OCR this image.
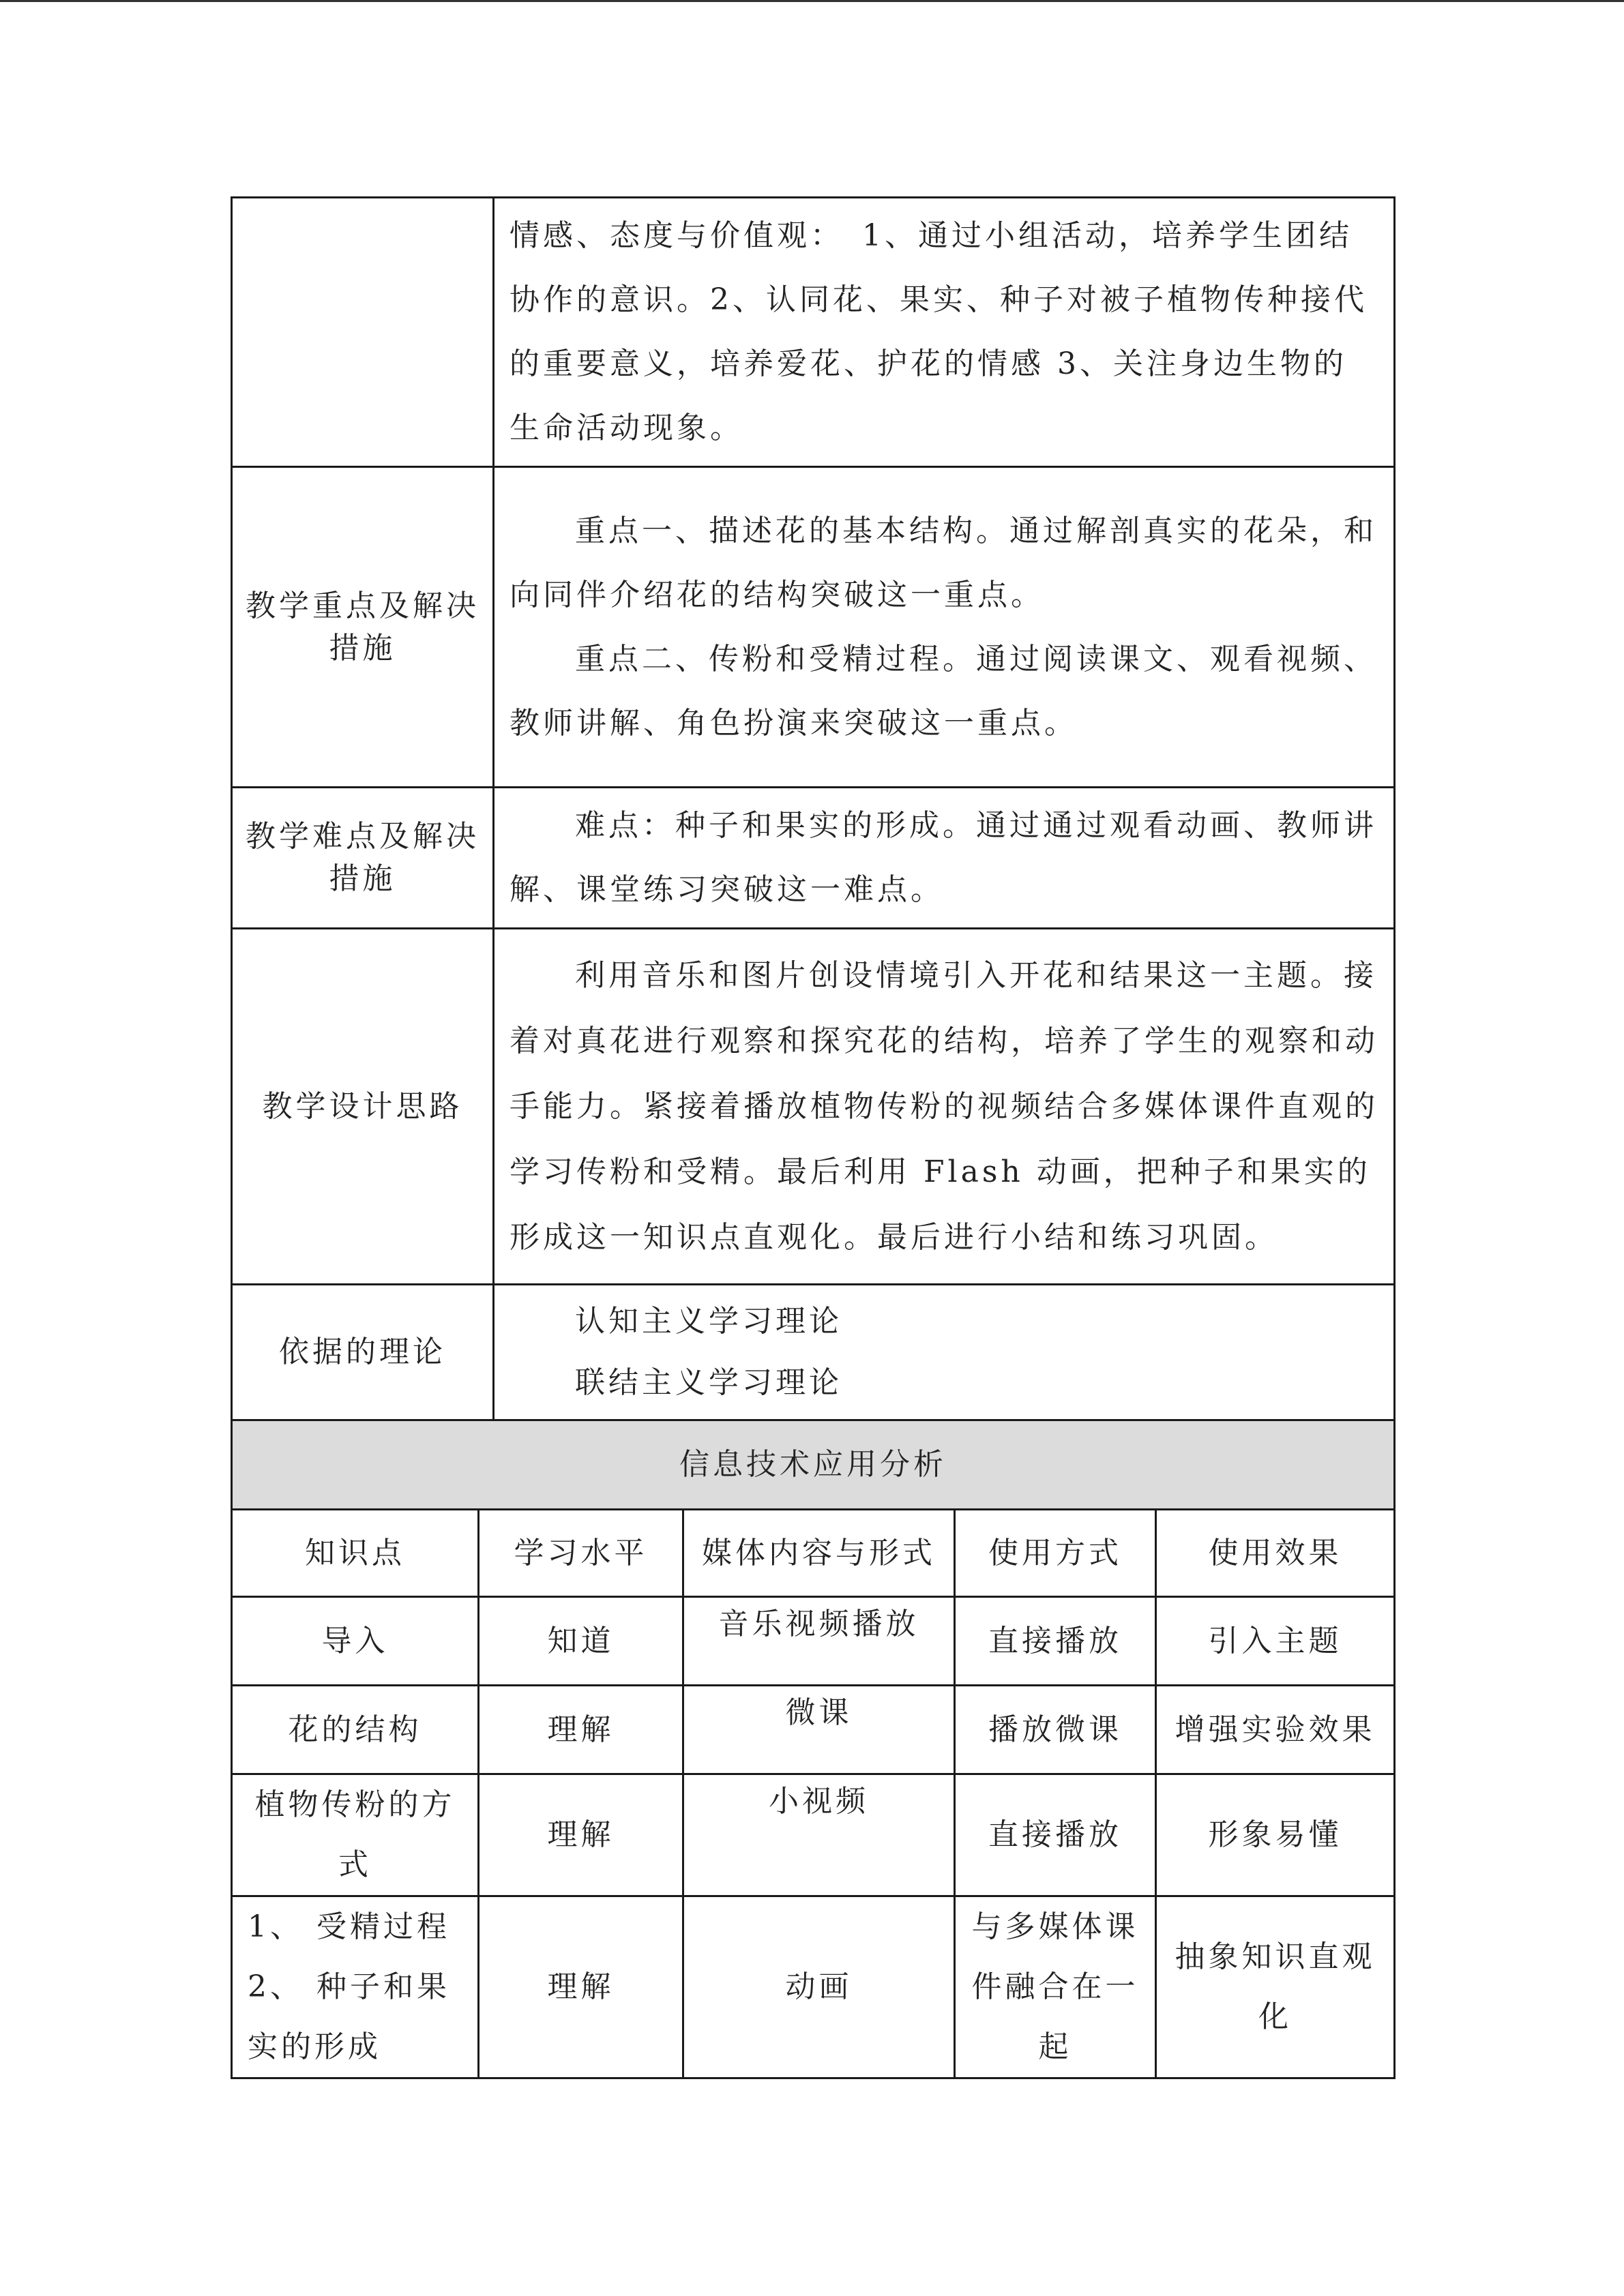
	情感、态度与价值观：　1、通过小组活动，培养学生团结协作的意识。2、认同花、果实、种子对被子植物传种接代的重要意义，培养爱花、护花的情感 3、关注身边生物的生命活动现象。

教学重点及解决措施	重点一、描述花的基本结构。通过解剖真实的花朵，和向同伴介绍花的结构突破这一重点。

重点二、传粉和受精过程。通过阅读课文、观看视频、教师讲解、角色扮演来突破这一重点。

教学难点及解决措施	难点：种子和果实的形成。通过通过观看动画、教师讲解、课堂练习突破这一难点。

教学设计思路	利用音乐和图片创设情境引入开花和结果这一主题。接着对真花进行观察和探究花的结构，培养了学生的观察和动手能力。紧接着播放植物传粉的视频结合多媒体课件直观的学习传粉和受精。最后利用 Flash 动画，把种子和果实的形成这一知识点直观化。最后进行小结和练习巩固。

依据的理论	认知主义学习理论

联结主义学习理论

信息技术应用分析				
知识点	学习水平	媒体内容与形式	使用方式	使用效果
导入	知道	音乐视频播放	直接播放	引入主题
花的结构	理解	微课	播放微课	增强实验效果
植物传粉的方式	理解	小视频	直接播放	形象易懂

1、 受精过程
2、 种子和果实的形成	理解	动画	与多媒体课件融合在一起	抽象知识直观化
